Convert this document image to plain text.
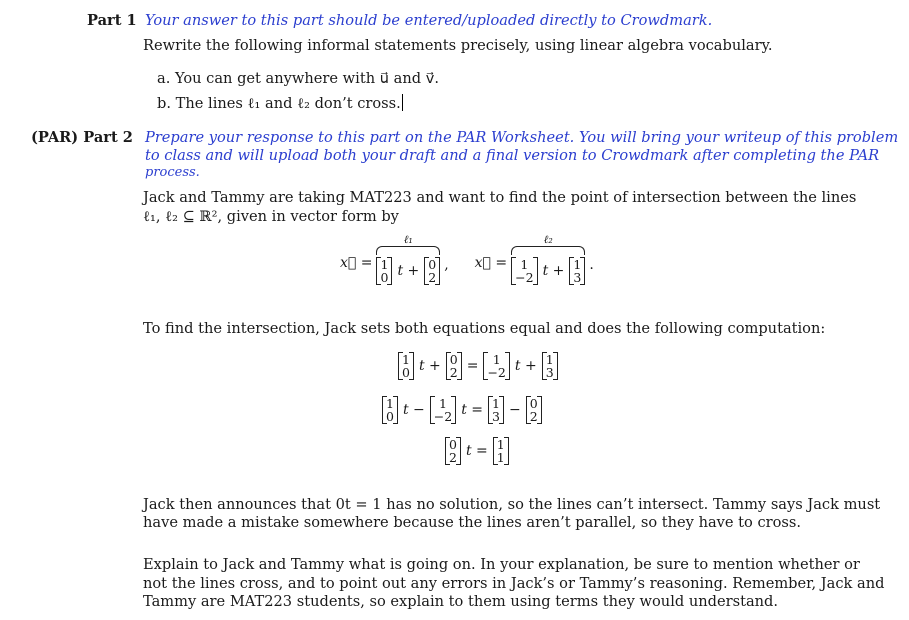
Part 1 Your answer to this part should be entered/uploaded directly to Crowdmark.
Rewrite the following informal statements precisely, using linear algebra vocabulary.
a. You can get anywhere with u⃗ and v⃗.
b. The lines ℓ₁ and ℓ₂ don’t cross.
(PAR) Part 2 Prepare your response to this part on the PAR Worksheet. You will bring your writeup of this problem
to class and will upload both your draft and a final version to Crowdmark after completing the PAR
process.
Jack and Tammy are taking MAT223 and want to find the point of intersection between the lines
ℓ₁, ℓ₂ ⊆ ℝ², given in vector form by
x⃗ =
ℓ₁
1
0 t + 0
2
, x⃗ =
ℓ₂
1
−2 t + 1
3
.
To find the intersection, Jack sets both equations equal and does the following computation:
1
0 t + 0
2 =	1
−2 t + 1
3
1
0 t −	1
−2 t = 1
3 − 0
2
0
2 t = 1
1
Jack then announces that 0t = 1 has no solution, so the lines can’t intersect. Tammy says Jack must
have made a mistake somewhere because the lines aren’t parallel, so they have to cross.
Explain to Jack and Tammy what is going on. In your explanation, be sure to mention whether or
not the lines cross, and to point out any errors in Jack’s or Tammy’s reasoning. Remember, Jack and
Tammy are MAT223 students, so explain to them using terms they would understand.
